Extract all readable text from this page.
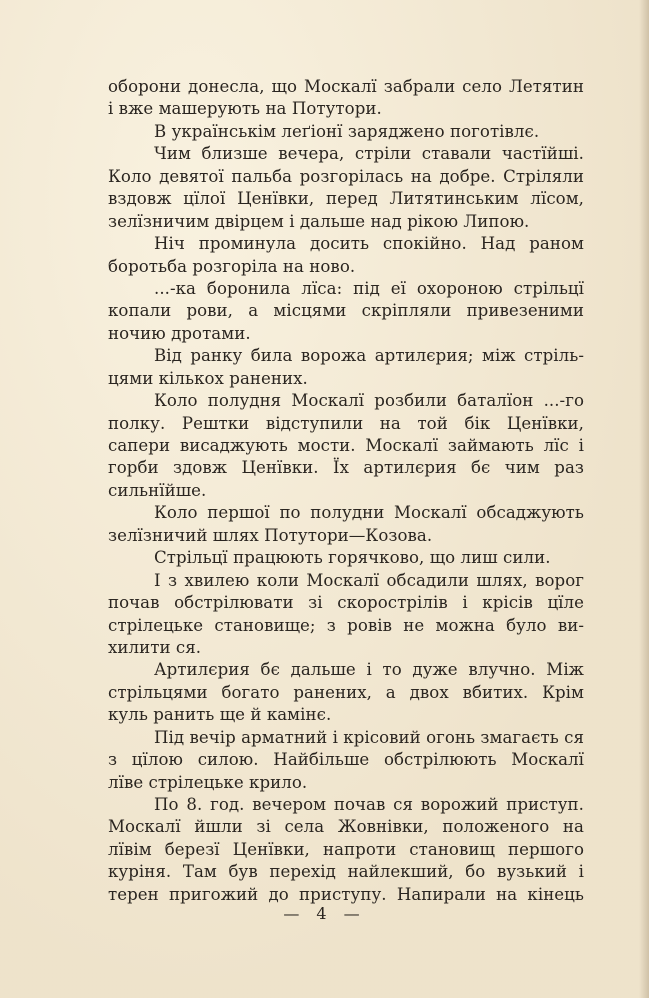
оборони донесла, що Москалї забрали село Летятин
і вже машерують на Потутори.
В українськім леґіонї заряджено поготівлє.
Чим близше вечера, стріли ставали частїйші.
Коло девятої пальба розгорілась на добре. Стріляли
вздовж цїлої Ценївки, перед Литятинським лїсом,
зелїзничим двірцем і дальше над рікою Липою.
Ніч проминула досить спокійно. Над раном
боротьба розгоріла на ново.
...-ка боронила лїса: під еї охороною стрільцї
копали рови, а місцями скріпляли привезеними
ночию дротами.
Від ранку била ворожа артилєрия; між стріль-
цями кількох ранених.
Коло полудня Москалї розбили баталїон ...-го
полку. Рештки відступили на той бік Ценївки,
сапери висаджують мости. Москалї займають лїс і
горби здовж Ценївки. Їх артилєрия бє чим раз
сильнїйше.
Коло першої по полудни Москалї обсаджують
зелїзничий шлях Потутори—Козова.
Стрільцї працюють горячково, що лиш сили.
І з хвилею коли Москалї обсадили шлях, ворог
почав обстрілювати зі скорострілів і крісів цїле
стрілецьке становище; з ровів не можна було ви-
хилити ся.
Артилєрия бє дальше і то дуже влучно. Між
стрільцями богато ранених, а двох вбитих. Крім
куль ранить ще й камінє.
Під вечір арматний і крісовий огонь змагаєть ся
з цїлою силою. Найбільше обстрілюють Москалї
лїве стрілецьке крило.
По 8. год. вечером почав ся ворожий приступ.
Москалї йшли зі села Жовнівки, положеного на
лївім березї Ценївки, напроти становищ першого
куріня. Там був перехід найлекший, бо вузький і
терен пригожий до приступу. Напирали на кінець
— 4 —
